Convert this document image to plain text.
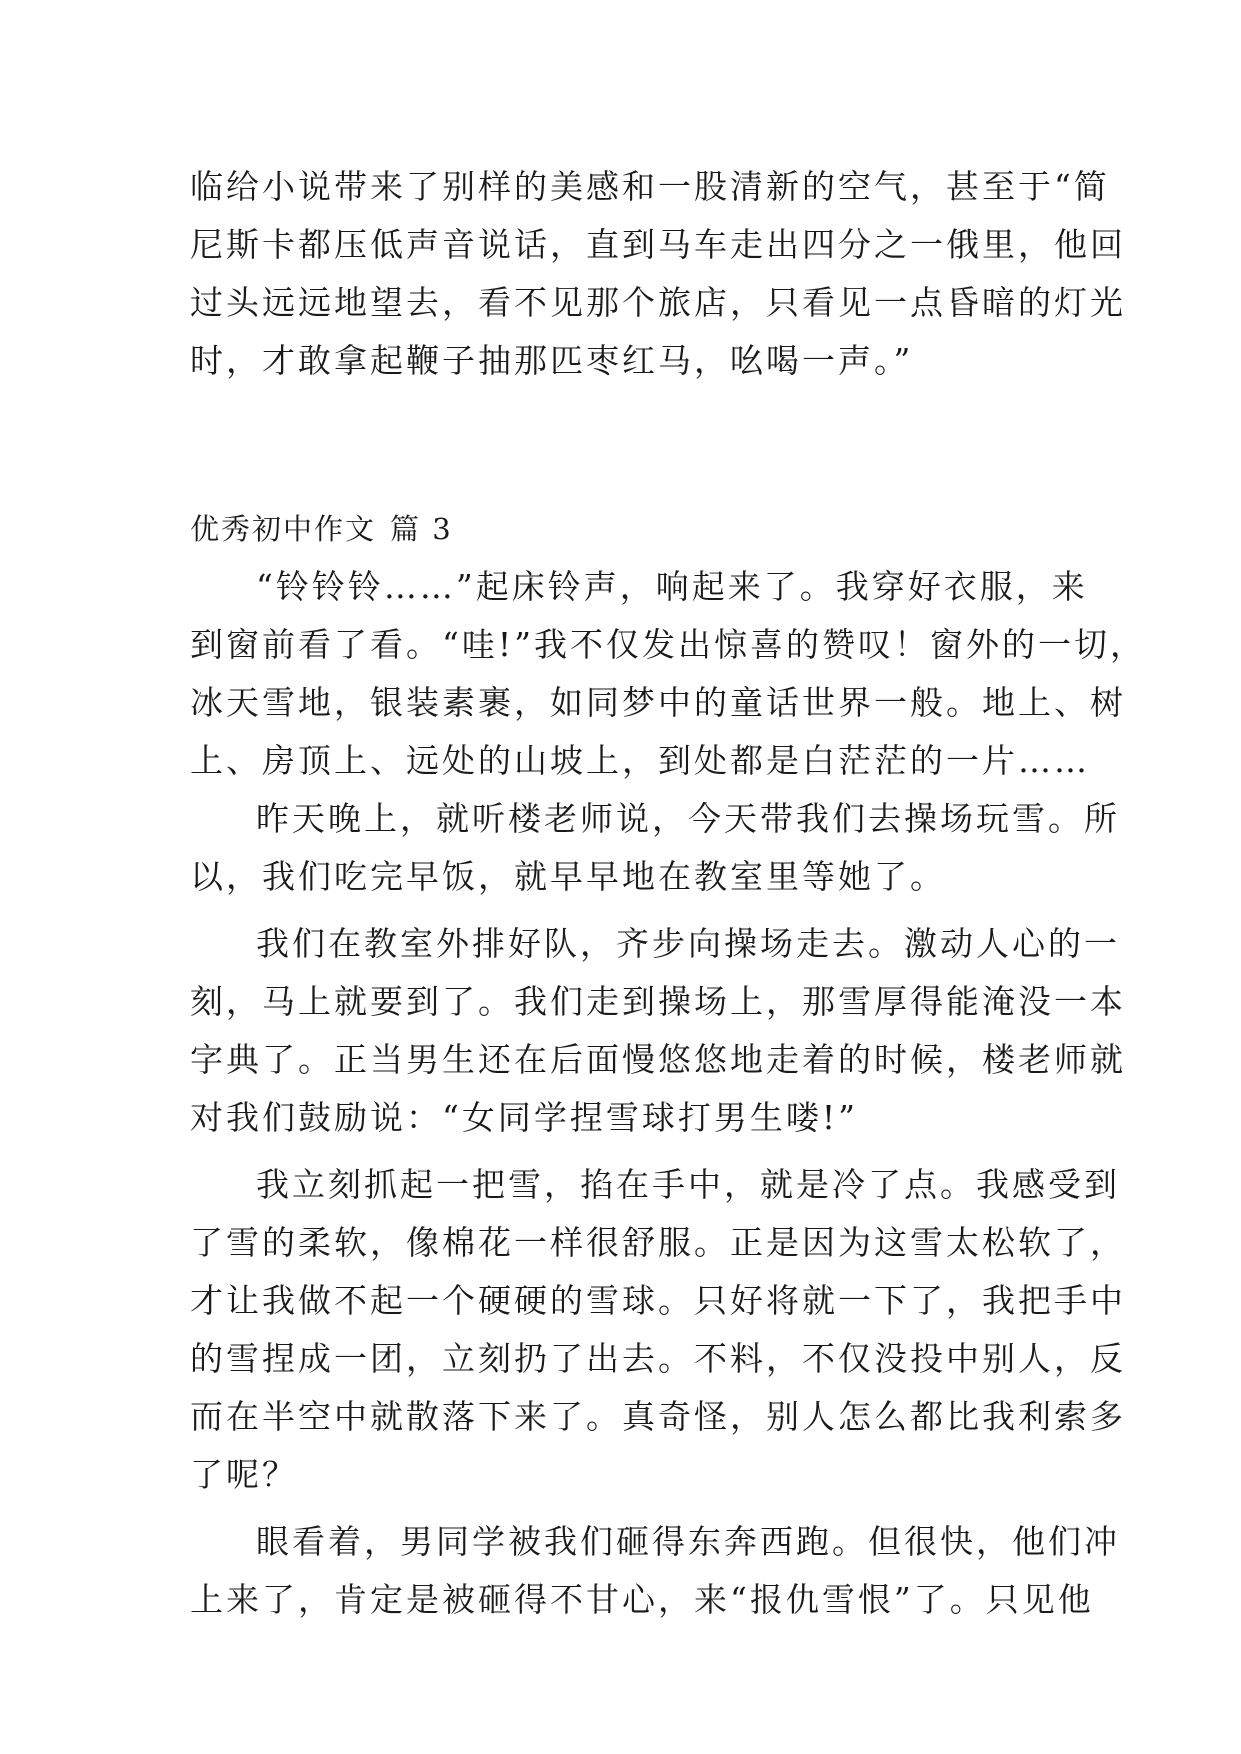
临给小说带来了别样的美感和一股清新的空气，甚至于“简
尼斯卡都压低声音说话，直到马车走出四分之一俄里，他回
过头远远地望去，看不见那个旅店，只看见一点昏暗的灯光
时，才敢拿起鞭子抽那匹枣红马，吆喝一声。”
优秀初中作文 篇 3
“铃铃铃……”起床铃声，响起来了。我穿好衣服，来
到窗前看了看。“哇!”我不仅发出惊喜的赞叹！窗外的一切，
冰天雪地，银装素裹，如同梦中的童话世界一般。地上、树
上、房顶上、远处的山坡上，到处都是白茫茫的一片……
昨天晚上，就听楼老师说，今天带我们去操场玩雪。所
以，我们吃完早饭，就早早地在教室里等她了。
我们在教室外排好队，齐步向操场走去。激动人心的一
刻，马上就要到了。我们走到操场上，那雪厚得能淹没一本
字典了。正当男生还在后面慢悠悠地走着的时候，楼老师就
对我们鼓励说：“女同学捏雪球打男生喽!”
我立刻抓起一把雪，掐在手中，就是冷了点。我感受到
了雪的柔软，像棉花一样很舒服。正是因为这雪太松软了，
才让我做不起一个硬硬的雪球。只好将就一下了，我把手中
的雪捏成一团，立刻扔了出去。不料，不仅没投中别人，反
而在半空中就散落下来了。真奇怪，别人怎么都比我利索多
了呢？
眼看着，男同学被我们砸得东奔西跑。但很快，他们冲
上来了，肯定是被砸得不甘心，来“报仇雪恨”了。只见他
